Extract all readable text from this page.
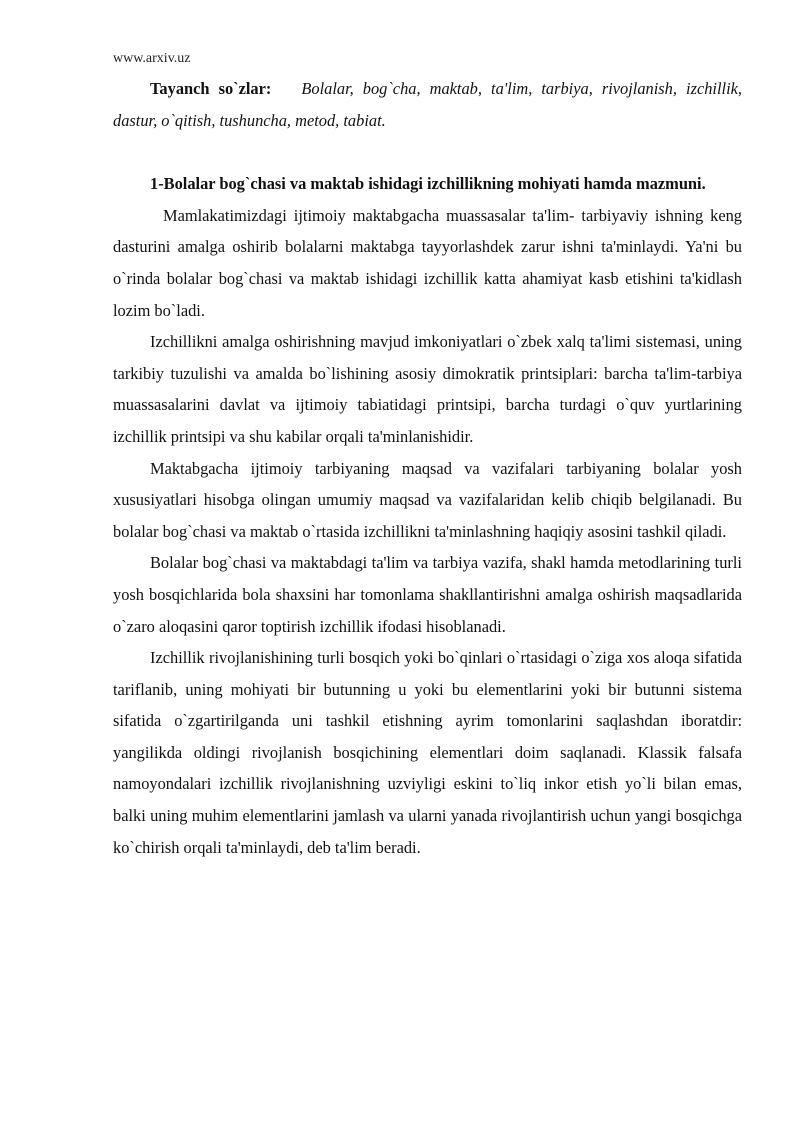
www.arxiv.uz

Tayanch so`zlar: Bolalar, bog`cha, maktab, ta'lim, tarbiya, rivojlanish, izchillik, dastur, o`qitish, tushuncha, metod, tabiat.

1-Bolalar bog`chasi va maktab ishidagi izchillikning mohiyati hamda mazmuni.

Mamlakatimizdagi ijtimoiy maktabgacha muassasalar ta'lim- tarbiyaviy ishning keng dasturini amalga oshirib bolalarni maktabga tayyorlashdek zarur ishni ta'minlaydi. Ya'ni bu o`rinda bolalar bog`chasi va maktab ishidagi izchillik katta ahamiyat kasb etishini ta'kidlash lozim bo`ladi.

Izchillikni amalga oshirishning mavjud imkoniyatlari o`zbek xalq ta'limi sistemasi, uning tarkibiy tuzulishi va amalda bo`lishining asosiy dimokratik printsiplari: barcha ta'lim-tarbiya muassasalarini davlat va ijtimoiy tabiatidagi printsipi, barcha turdagi o`quv yurtlarining izchillik printsipi va shu kabilar orqali ta'minlanishidir.

Maktabgacha ijtimoiy tarbiyaning maqsad va vazifalari tarbiyaning bolalar yosh xususiyatlari hisobga olingan umumiy maqsad va vazifalaridan kelib chiqib belgilanadi. Bu bolalar bog`chasi va maktab o`rtasida izchillikni ta'minlashning haqiqiy asosini tashkil qiladi.

Bolalar bog`chasi va maktabdagi ta'lim va tarbiya vazifa, shakl hamda metodlarining turli yosh bosqichlarida bola shaxsini har tomonlama shakllantirishni amalga oshirish maqsadlarida o`zaro aloqasini qaror toptirish izchillik ifodasi hisoblanadi.

Izchillik rivojlanishining turli bosqich yoki bo`qinlari o`rtasidagi o`ziga xos aloqa sifatida tariflanib, uning mohiyati bir butunning u yoki bu elementlarini yoki bir butunni sistema sifatida o`zgartirilganda uni tashkil etishning ayrim tomonlarini saqlashdan iboratdir: yangilikda oldingi rivojlanish bosqichining elementlari doim saqlanadi. Klassik falsafa namoyondalari izchillik rivojlanishning uzviyligi eskini to`liq inkor etish yo`li bilan emas, balki uning muhim elementlarini jamlash va ularni yanada rivojlantirish uchun yangi bosqichga ko`chirish orqali ta'minlaydi, deb ta'lim beradi.
